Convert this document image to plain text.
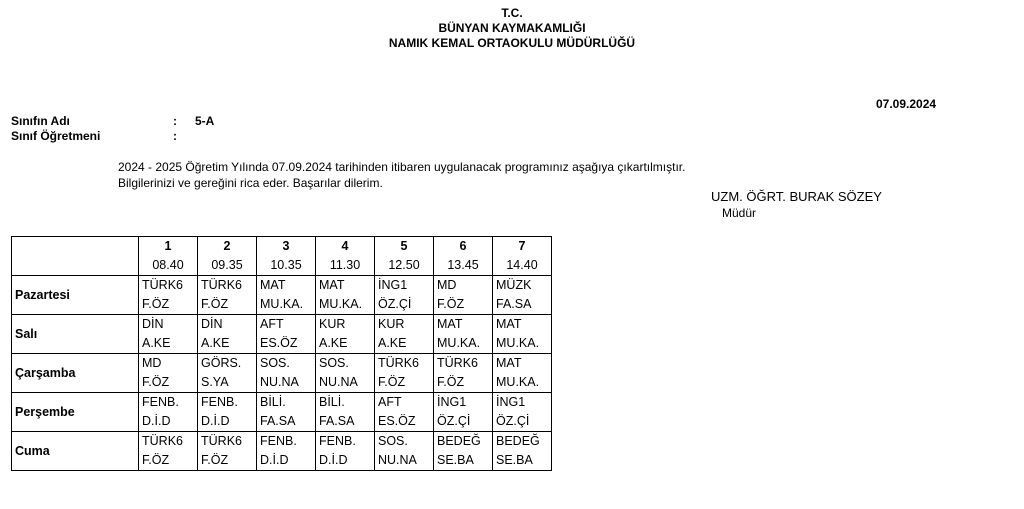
T.C.
BÜNYAN KAYMAKAMLIĞI
NAMIK KEMAL ORTAOKULU MÜDÜRLÜĞÜ
07.09.2024
Sınıfın Adı	: 5-A
Sınıf Öğretmeni	:
2024 - 2025 Öğretim Yılında 07.09.2024 tarihinden itibaren uygulanacak programınız aşağıya çıkartılmıştır.
Bilgilerinizi ve gereğini rica eder. Başarılar dilerim.
UZM. ÖĞRT. BURAK SÖZEY
Müdür
	1	2	3	4	5	6	7
	08.40	09.35	10.35	11.30	12.50	13.45	14.40
Pazartesi	TÜRK6	TÜRK6	MAT	MAT	İNG1	MD	MÜZK
	F.ÖZ	F.ÖZ	MU.KA.	MU.KA.	ÖZ.Çİ	F.ÖZ	FA.SA
Salı	DİN	DİN	AFT	KUR	KUR	MAT	MAT
	A.KE	A.KE	ES.ÖZ	A.KE	A.KE	MU.KA.	MU.KA.
Çarşamba	MD	GÖRS.	SOS.	SOS.	TÜRK6	TÜRK6	MAT
	F.ÖZ	S.YA	NU.NA	NU.NA	F.ÖZ	F.ÖZ	MU.KA.
Perşembe	FENB.	FENB.	BİLİ.	BİLİ.	AFT	İNG1	İNG1
	D.İ.D	D.İ.D	FA.SA	FA.SA	ES.ÖZ	ÖZ.Çİ	ÖZ.Çİ
Cuma	TÜRK6	TÜRK6	FENB.	FENB.	SOS.	BEDEĞ	BEDEĞ
	F.ÖZ	F.ÖZ	D.İ.D	D.İ.D	NU.NA	SE.BA	SE.BA
